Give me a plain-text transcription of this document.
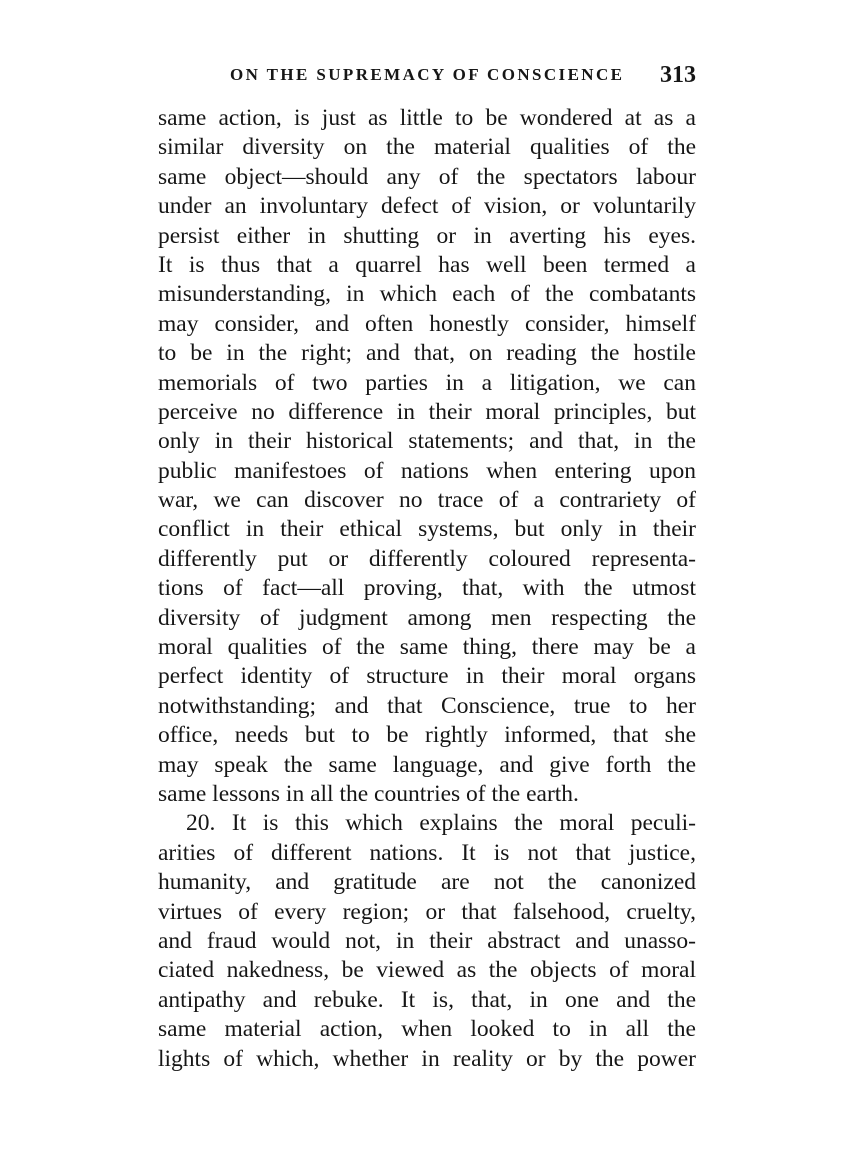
ON THE SUPREMACY OF CONSCIENCE 313
same action, is just as little to be wondered at as a
similar diversity on the material qualities of the
same object—should any of the spectators labour
under an involuntary defect of vision, or voluntarily
persist either in shutting or in averting his eyes.
It is thus that a quarrel has well been termed a
misunderstanding, in which each of the combatants
may consider, and often honestly consider, himself
to be in the right; and that, on reading the hostile
memorials of two parties in a litigation, we can
perceive no difference in their moral principles, but
only in their historical statements; and that, in the
public manifestoes of nations when entering upon
war, we can discover no trace of a contrariety of
conflict in their ethical systems, but only in their
differently put or differently coloured representa-
tions of fact—all proving, that, with the utmost
diversity of judgment among men respecting the
moral qualities of the same thing, there may be a
perfect identity of structure in their moral organs
notwithstanding; and that Conscience, true to her
office, needs but to be rightly informed, that she
may speak the same language, and give forth the
same lessons in all the countries of the earth.
20. It is this which explains the moral peculi-
arities of different nations. It is not that justice,
humanity, and gratitude are not the canonized
virtues of every region; or that falsehood, cruelty,
and fraud would not, in their abstract and unasso-
ciated nakedness, be viewed as the objects of moral
antipathy and rebuke. It is, that, in one and the
same material action, when looked to in all the
lights of which, whether in reality or by the power
